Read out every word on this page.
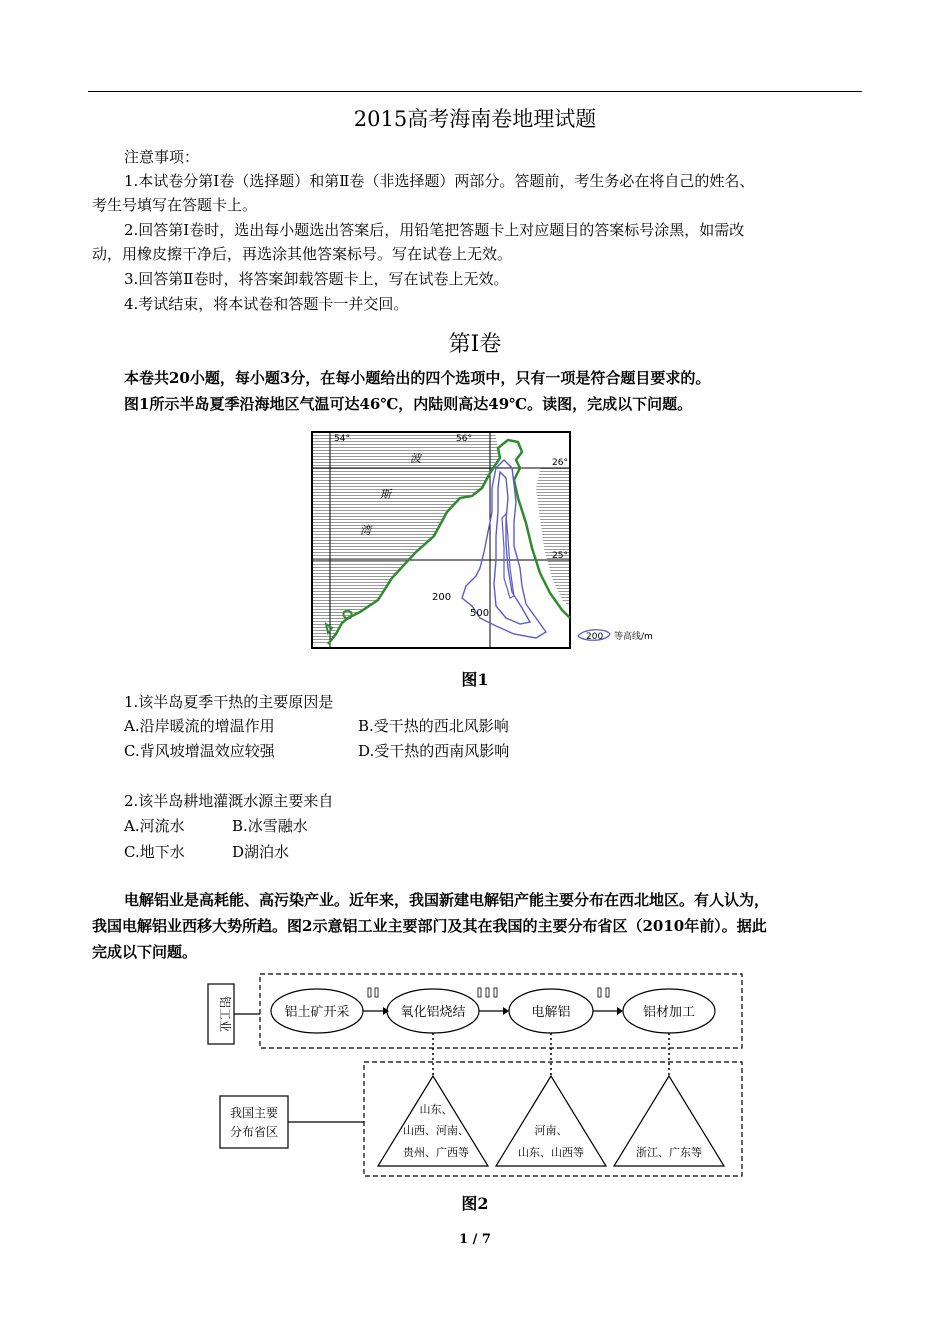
2015高考海南卷地理试题
注意事项：
1.本试卷分第Ⅰ卷（选择题）和第Ⅱ卷（非选择题）两部分。答题前，考生务必在将自己的姓名、
考生号填写在答题卡上。
2.回答第Ⅰ卷时，选出每小题选出答案后，用铅笔把答题卡上对应题目的答案标号涂黑，如需改
动，用橡皮擦干净后，再选涂其他答案标号。写在试卷上无效。
3.回答第Ⅱ卷时，将答案卸载答题卡上，写在试卷上无效。
4.考试结束，将本试卷和答题卡一并交回。
第Ⅰ卷
本卷共20小题，每小题3分，在每小题给出的四个选项中，只有一项是符合题目要求的。
图1所示半岛夏季沿海地区气温可达46℃，内陆则高达49℃。读图，完成以下问题。
54°	56°
26°
25°
波
斯
湾
200
500
200 等高线/m
图1
1.该半岛夏季干热的主要原因是
A.沿岸暖流的增温作用	B.受干热的西北风影响
C.背风坡增温效应较强	D.受干热的西南风影响
2.该半岛耕地灌溉水源主要来自
A.河流水	B.冰雪融水
C.地下水	D湖泊水
电解铝业是高耗能、高污染产业。近年来，我国新建电解铝产能主要分布在西北地区。有人认为，
我国电解铝业西移大势所趋。图2示意铝工业主要部门及其在我国的主要分布省区（2010年前）。据此
完成以下问题。
铝工业	铝土矿开采	氧化铝烧结	电解铝	铝材加工
我国主要
分布省区
山东、
山西、河南、
贵州、广西等
河南、
山东、山西等	浙江、广东等
图2
1 / 7
